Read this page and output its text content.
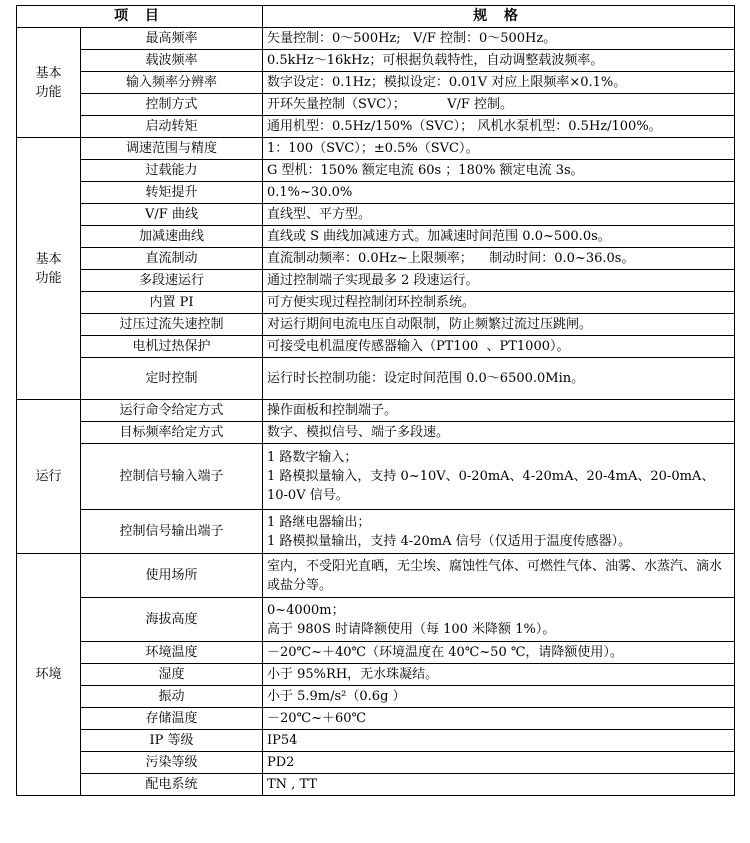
项 目		规 格
基本
功能	最高频率	矢量控制：0～500Hz;   V/F 控制：0～500Hz。
	载波频率	0.5kHz～16kHz；可根据负载特性，自动调整载波频率。
	输入频率分辨率	数字设定：0.1Hz；模拟设定：0.01V 对应上限频率×0.1%。
	控制方式	开环矢量控制（SVC）；          V/F 控制。
	启动转矩	通用机型：0.5Hz/150%（SVC）； 风机水泵机型：0.5Hz/100%。
基本
功能	调速范围与精度	1：100（SVC）；±0.5%（SVC）。
	过载能力	G 型机：150% 额定电流 60s ；180% 额定电流 3s。
	转矩提升	0.1%~30.0%
	V/F 曲线	直线型、平方型。
	加减速曲线	直线或 S 曲线加减速方式。加减速时间范围 0.0~500.0s。
	直流制动	直流制动频率：0.0Hz~上限频率；    制动时间：0.0~36.0s。
	多段速运行	通过控制端子实现最多 2 段速运行。
	内置 PI	可方便实现过程控制闭环控制系统。
	过压过流失速控制	对运行期间电流电压自动限制，防止频繁过流过压跳闸。
	电机过热保护	可接受电机温度传感器输入（PT100  、PT1000）。
	定时控制	运行时长控制功能：设定时间范围 0.0～6500.0Min。
运行	运行命令给定方式	操作面板和控制端子。
	目标频率给定方式	数字、模拟信号、端子多段速。
	控制信号输入端子	1 路数字输入；
1 路模拟量输入，支持 0~10V、0-20mA、4-20mA、20-4mA、20-0mA、10-0V 信号。
	控制信号输出端子	1 路继电器输出；
1 路模拟量输出，支持 4-20mA 信号（仅适用于温度传感器）。
环境	使用场所	室内，不受阳光直晒，无尘埃、腐蚀性气体、可燃性气体、油雾、水蒸汽、滴水或盐分等。
	海拔高度	0~4000m；
高于 980S 时请降额使用（每 100 米降额 1%）。
	环境温度	－20℃~＋40℃（环境温度在 40℃~50 ℃，请降额使用）。
	湿度	小于 95%RH，无水珠凝结。
	振动	小于 5.9m/s²（0.6g ）
	存储温度	－20℃~＋60℃
	IP 等级	IP54
	污染等级	PD2
	配电系统	TN , TT
